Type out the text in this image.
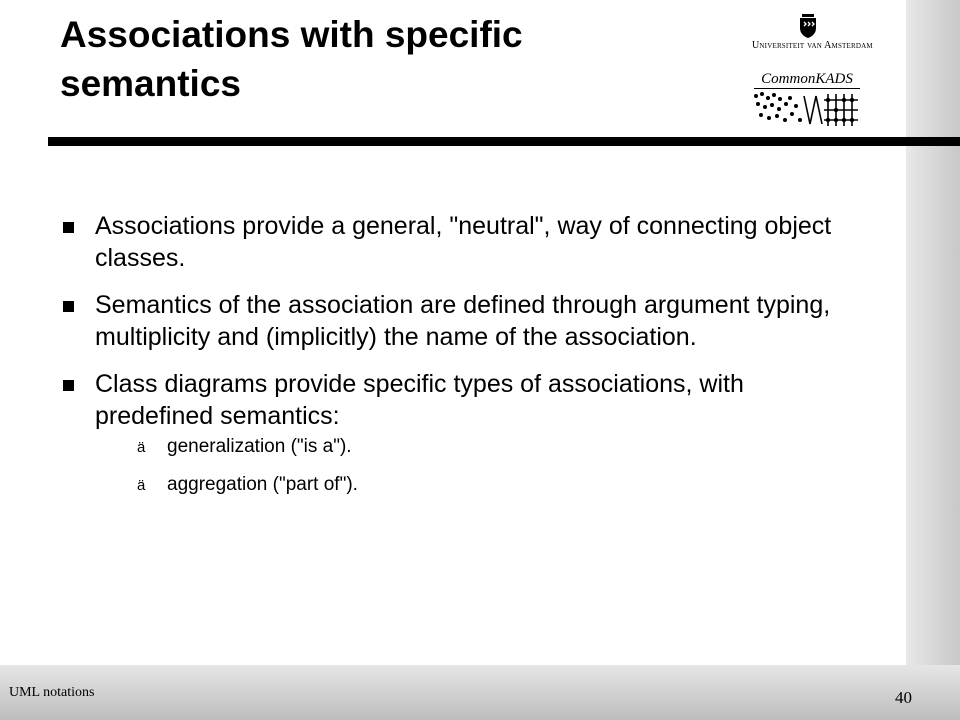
Associations with specific semantics
Universiteit van Amsterdam
CommonKADS
Associations provide a general, "neutral", way of connecting object classes.
Semantics of the association are defined through argument typing, multiplicity and (implicitly) the name of the association.
Class diagrams provide specific types of associations, with predefined semantics:
ä generalization ("is a").
ä aggregation ("part of").
UML notations	40
